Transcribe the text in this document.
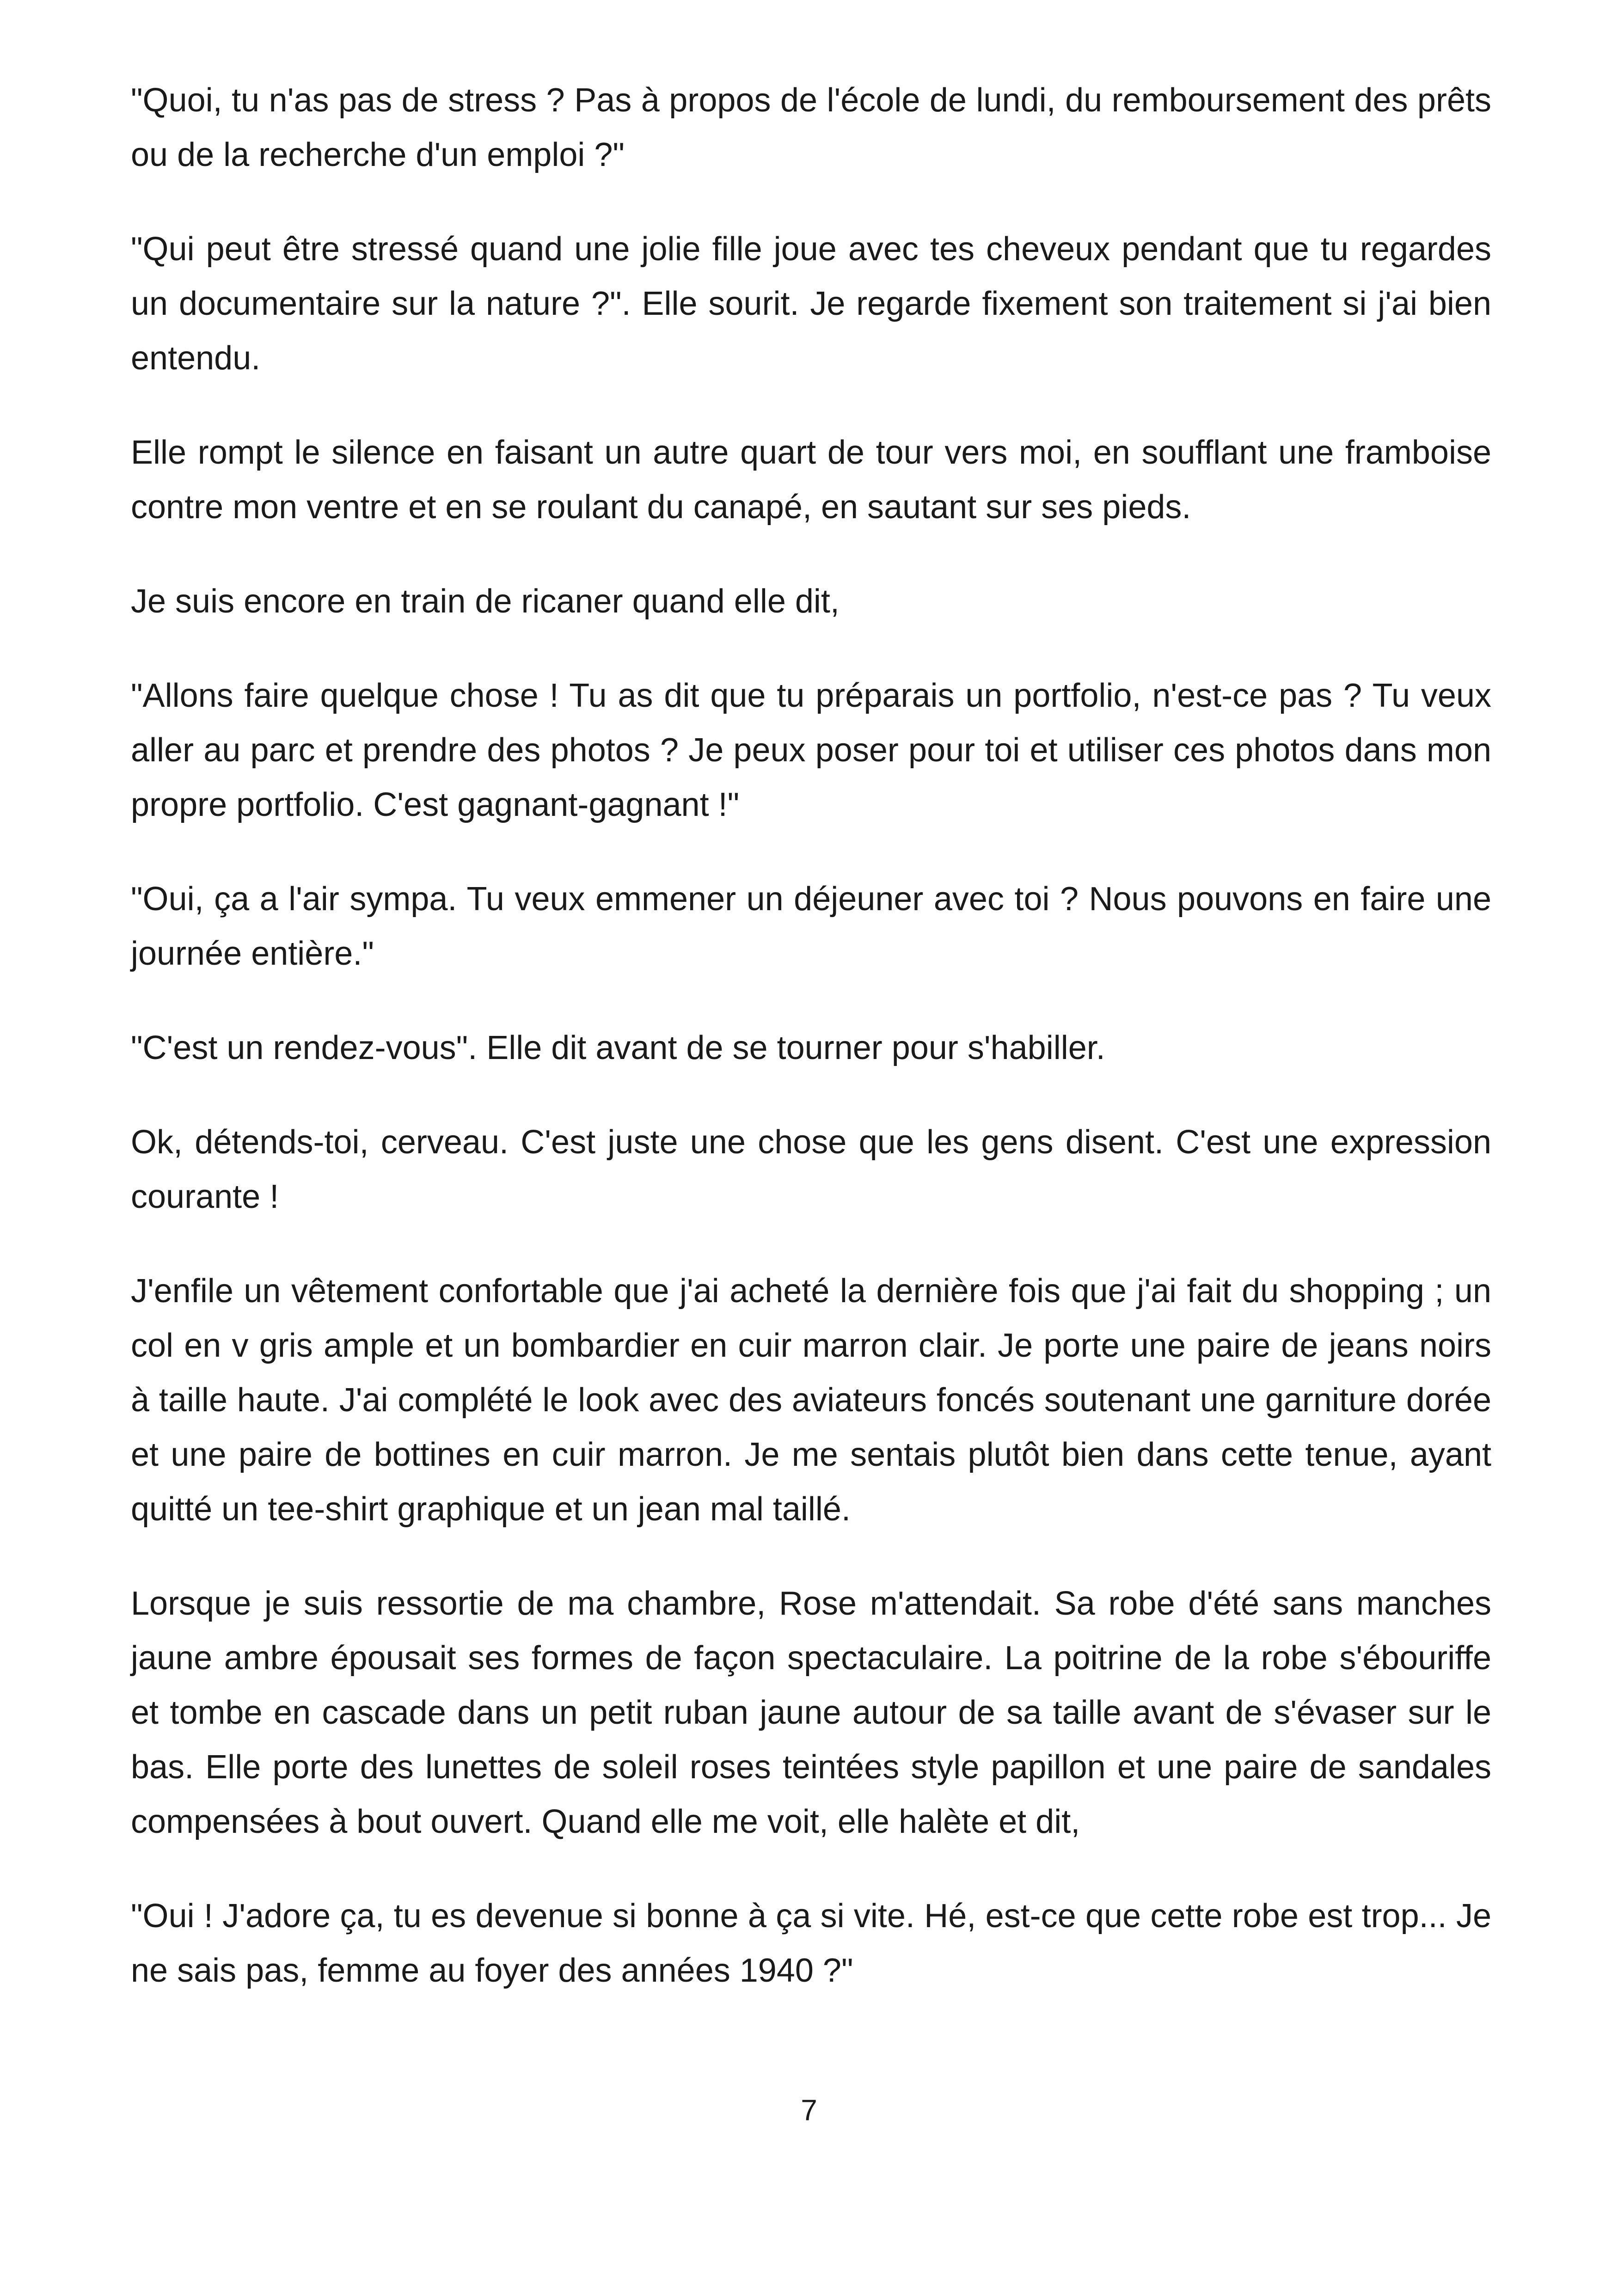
"Quoi, tu n'as pas de stress ? Pas à propos de l'école de lundi, du remboursement des prêts ou de la recherche d'un emploi ?"

"Qui peut être stressé quand une jolie fille joue avec tes cheveux pendant que tu regardes un documentaire sur la nature ?". Elle sourit. Je regarde fixement son traitement si j'ai bien entendu.

Elle rompt le silence en faisant un autre quart de tour vers moi, en soufflant une framboise contre mon ventre et en se roulant du canapé, en sautant sur ses pieds.

Je suis encore en train de ricaner quand elle dit,

"Allons faire quelque chose ! Tu as dit que tu préparais un portfolio, n'est-ce pas ? Tu veux aller au parc et prendre des photos ? Je peux poser pour toi et utiliser ces photos dans mon propre portfolio. C'est gagnant-gagnant !"

"Oui, ça a l'air sympa. Tu veux emmener un déjeuner avec toi ? Nous pouvons en faire une journée entière."

"C'est un rendez-vous". Elle dit avant de se tourner pour s'habiller.

Ok, détends-toi, cerveau. C'est juste une chose que les gens disent. C'est une expression courante !

J'enfile un vêtement confortable que j'ai acheté la dernière fois que j'ai fait du shopping ; un col en v gris ample et un bombardier en cuir marron clair. Je porte une paire de jeans noirs à taille haute. J'ai complété le look avec des aviateurs foncés soutenant une garniture dorée et une paire de bottines en cuir marron. Je me sentais plutôt bien dans cette tenue, ayant quitté un tee-shirt graphique et un jean mal taillé.

Lorsque je suis ressortie de ma chambre, Rose m'attendait. Sa robe d'été sans manches jaune ambre épousait ses formes de façon spectaculaire. La poitrine de la robe s'ébouriffe et tombe en cascade dans un petit ruban jaune autour de sa taille avant de s'évaser sur le bas. Elle porte des lunettes de soleil roses teintées style papillon et une paire de sandales compensées à bout ouvert. Quand elle me voit, elle halète et dit,

"Oui ! J'adore ça, tu es devenue si bonne à ça si vite. Hé, est-ce que cette robe est trop... Je ne sais pas, femme au foyer des années 1940 ?"

7
